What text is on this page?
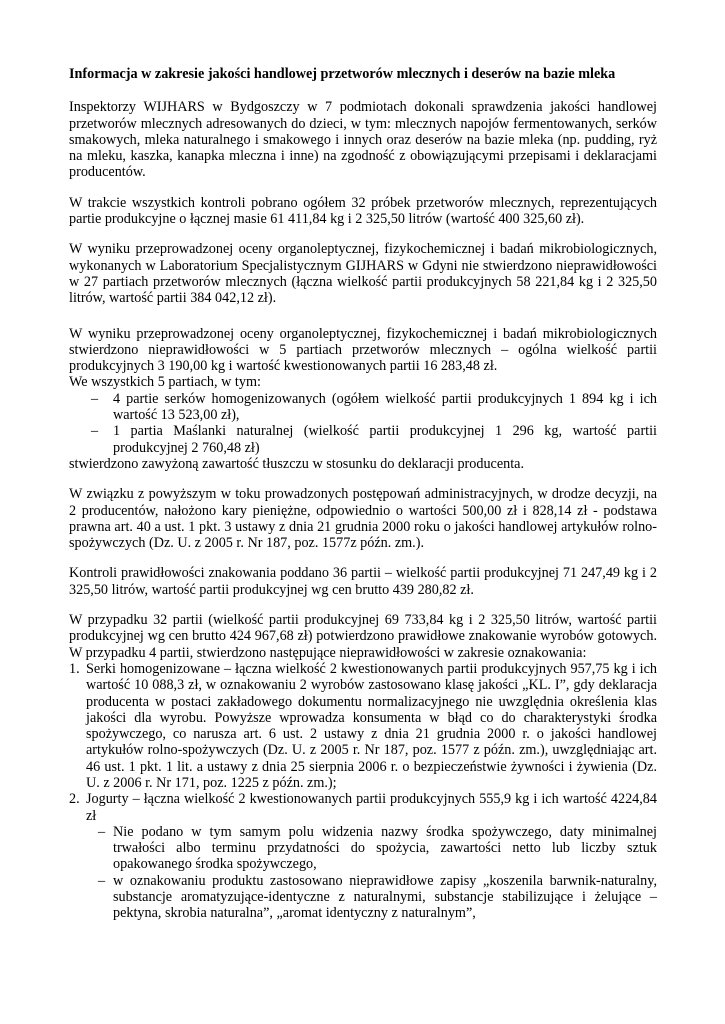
Informacja w zakresie jakości handlowej przetworów mlecznych i deserów na bazie mleka

Inspektorzy WIJHARS w Bydgoszczy w 7 podmiotach dokonali sprawdzenia jakości handlowej przetworów mlecznych adresowanych do dzieci, w tym: mlecznych napojów fermentowanych, serków smakowych, mleka naturalnego i smakowego i innych oraz deserów na bazie mleka (np. pudding, ryż na mleku, kaszka, kanapka mleczna i inne) na zgodność z obowiązującymi przepisami i deklaracjami producentów.

W trakcie wszystkich kontroli pobrano ogółem 32 próbek przetworów mlecznych, reprezentujących partie produkcyjne o łącznej masie 61 411,84 kg i 2 325,50 litrów (wartość 400 325,60 zł).

W wyniku przeprowadzonej oceny organoleptycznej, fizykochemicznej i badań mikrobiologicznych, wykonanych w Laboratorium Specjalistycznym GIJHARS w Gdyni nie stwierdzono nieprawidłowości w 27 partiach przetworów mlecznych (łączna wielkość partii produkcyjnych 58 221,84 kg i 2 325,50 litrów, wartość partii 384 042,12 zł).

W wyniku przeprowadzonej oceny organoleptycznej, fizykochemicznej i badań mikrobiologicznych stwierdzono nieprawidłowości w 5 partiach przetworów mlecznych – ogólna wielkość partii produkcyjnych 3 190,00 kg i wartość kwestionowanych partii 16 283,48 zł.

We wszystkich 5 partiach, w tym:

– 4 partie serków homogenizowanych (ogółem wielkość partii produkcyjnych 1 894 kg i ich wartość 13 523,00 zł),
– 1 partia Maślanki naturalnej (wielkość partii produkcyjnej 1 296 kg, wartość partii produkcyjnej 2 760,48 zł)

stwierdzono zawyżoną zawartość tłuszczu w stosunku do deklaracji producenta.

W związku z powyższym w toku prowadzonych postępowań administracyjnych, w drodze decyzji, na 2 producentów, nałożono kary pieniężne, odpowiednio o wartości 500,00 zł i 828,14 zł - podstawa prawna art. 40 a ust. 1 pkt. 3 ustawy z dnia 21 grudnia 2000 roku o jakości handlowej artykułów rolno-spożywczych (Dz. U. z 2005 r. Nr 187, poz. 1577z późn. zm.).

Kontroli prawidłowości znakowania poddano 36 partii – wielkość partii produkcyjnej 71 247,49 kg i 2 325,50 litrów, wartość partii produkcyjnej wg cen brutto 439 280,82 zł.

W przypadku 32 partii (wielkość partii produkcyjnej 69 733,84 kg i 2 325,50 litrów, wartość partii produkcyjnej wg cen brutto 424 967,68 zł) potwierdzono prawidłowe znakowanie wyrobów gotowych. W przypadku 4 partii, stwierdzono następujące nieprawidłowości w zakresie oznakowania:

1. Serki homogenizowane – łączna wielkość 2 kwestionowanych partii produkcyjnych 957,75 kg i ich wartość 10 088,3 zł, w oznakowaniu 2 wyrobów zastosowano klasę jakości „KL. I”, gdy deklaracja producenta w postaci zakładowego dokumentu normalizacyjnego nie uwzględnia określenia klas jakości dla wyrobu. Powyższe wprowadza konsumenta w błąd co do charakterystyki środka spożywczego, co narusza art. 6 ust. 2 ustawy z dnia 21 grudnia 2000 r. o jakości handlowej artykułów rolno-spożywczych (Dz. U. z 2005 r. Nr 187, poz. 1577 z późn. zm.), uwzględniając art. 46 ust. 1 pkt. 1 lit. a ustawy z dnia 25 sierpnia 2006 r. o bezpieczeństwie żywności i żywienia (Dz. U. z 2006 r. Nr 171, poz. 1225 z późn. zm.);
2. Jogurty – łączna wielkość 2 kwestionowanych partii produkcyjnych 555,9 kg i ich wartość 4224,84 zł
– Nie podano w tym samym polu widzenia nazwy środka spożywczego, daty minimalnej trwałości albo terminu przydatności do spożycia, zawartości netto lub liczby sztuk opakowanego środka spożywczego,
– w oznakowaniu produktu zastosowano nieprawidłowe zapisy „koszenila barwnik-naturalny, substancje aromatyzujące-identyczne z naturalnymi, substancje stabilizujące i żelujące – pektyna, skrobia naturalna”, „aromat identyczny z naturalnym”,
